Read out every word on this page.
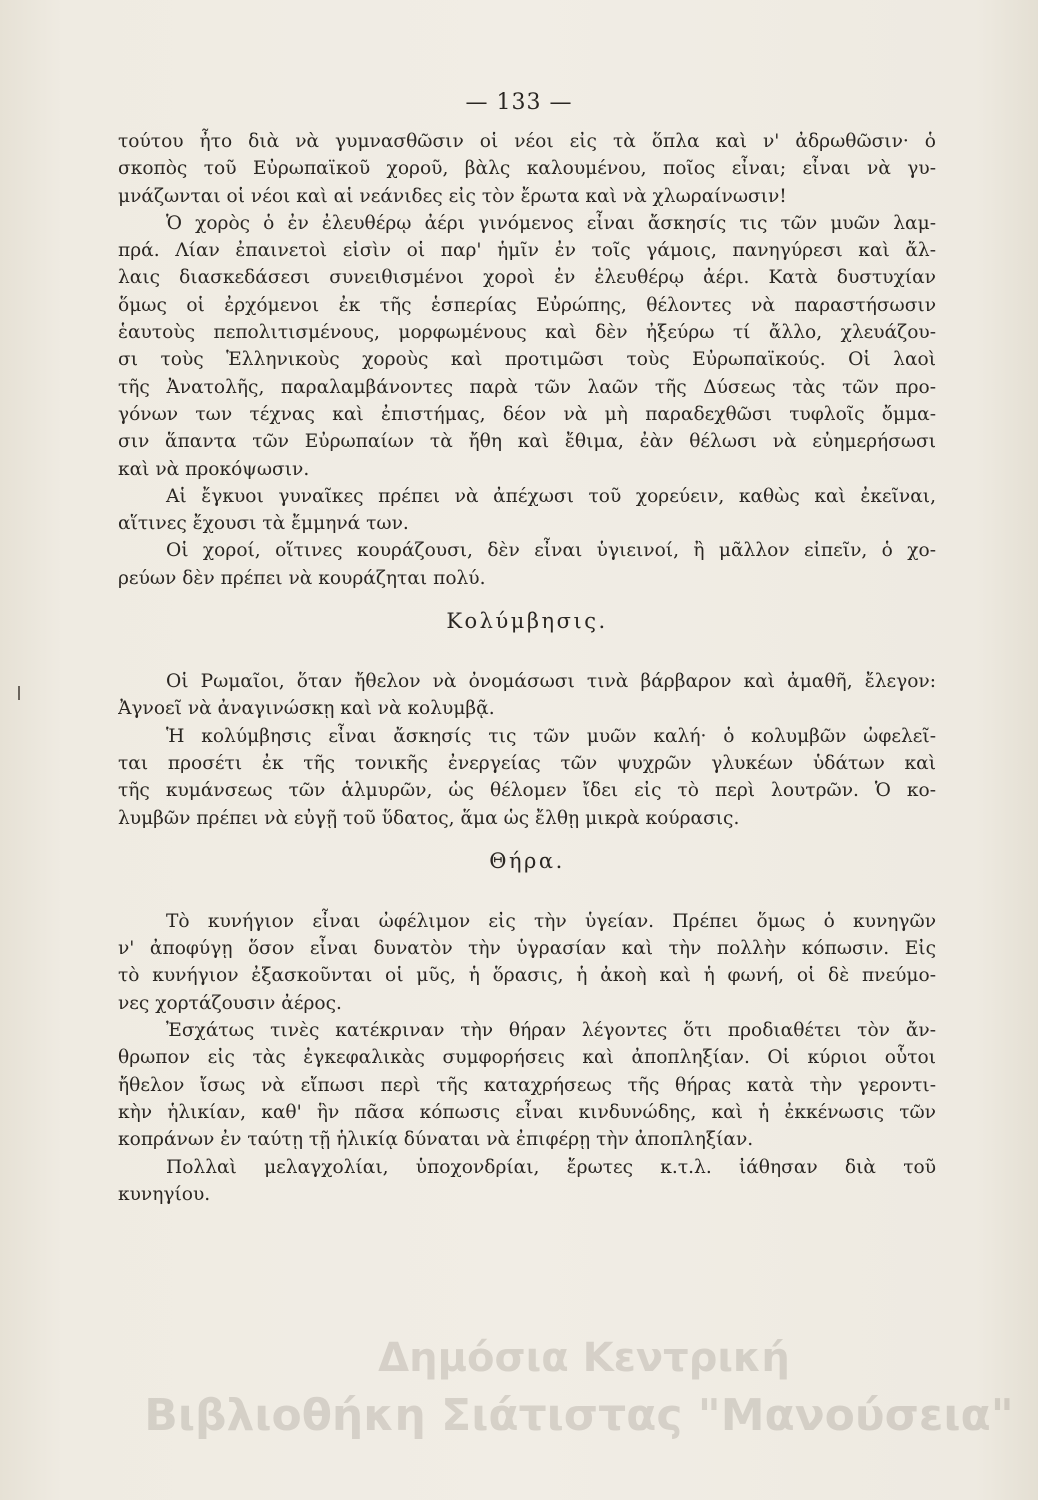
— 133 —
τούτου ἦτο διὰ νὰ γυμνασθῶσιν οἱ νέοι εἰς τὰ ὅπλα καὶ ν' ἀδρωθῶσιν· ὁ
σκοπὸς τοῦ Εὐρωπαϊκοῦ χοροῦ, βὰλς καλουμένου, ποῖος εἶναι; εἶναι νὰ γυ-
μνάζωνται οἱ νέοι καὶ αἱ νεάνιδες εἰς τὸν ἔρωτα καὶ νὰ χλωραίνωσιν!
Ὁ χορὸς ὁ ἐν ἐλευθέρῳ ἀέρι γινόμενος εἶναι ἄσκησίς τις τῶν μυῶν λαμ-
πρά. Λίαν ἐπαινετοὶ εἰσὶν οἱ παρ' ἡμῖν ἐν τοῖς γάμοις, πανηγύρεσι καὶ ἄλ-
λαις διασκεδάσεσι συνειθισμένοι χοροὶ ἐν ἐλευθέρῳ ἀέρι. Κατὰ δυστυχίαν
ὅμως οἱ ἐρχόμενοι ἐκ τῆς ἑσπερίας Εὐρώπης, θέλοντες νὰ παραστήσωσιν
ἑαυτοὺς πεπολιτισμένους, μορφωμένους καὶ δὲν ἠξεύρω τί ἄλλο, χλευάζου-
σι τοὺς Ἑλληνικοὺς χοροὺς καὶ προτιμῶσι τοὺς Εὐρωπαϊκούς. Οἱ λαοὶ
τῆς Ἀνατολῆς, παραλαμβάνοντες παρὰ τῶν λαῶν τῆς Δύσεως τὰς τῶν προ-
γόνων των τέχνας καὶ ἐπιστήμας, δέον νὰ μὴ παραδεχθῶσι τυφλοῖς ὄμμα-
σιν ἅπαντα τῶν Εὐρωπαίων τὰ ἤθη καὶ ἔθιμα, ἐὰν θέλωσι νὰ εὐημερήσωσι
καὶ νὰ προκόψωσιν.
Αἱ ἔγκυοι γυναῖκες πρέπει νὰ ἀπέχωσι τοῦ χορεύειν, καθὼς καὶ ἐκεῖναι,
αἵτινες ἔχουσι τὰ ἔμμηνά των.
Οἱ χοροί, οἵτινες κουράζουσι, δὲν εἶναι ὑγιεινοί, ἢ μᾶλλον εἰπεῖν, ὁ χο-
ρεύων δὲν πρέπει νὰ κουράζηται πολύ.
Κολύμβησις.
Οἱ Ρωμαῖοι, ὅταν ἤθελον νὰ ὀνομάσωσι τινὰ βάρβαρον καὶ ἀμαθῆ, ἔλεγον:
Ἀγνοεῖ νὰ ἀναγινώσκῃ καὶ νὰ κολυμβᾷ.
Ἡ κολύμβησις εἶναι ἄσκησίς τις τῶν μυῶν καλή· ὁ κολυμβῶν ὠφελεῖ-
ται προσέτι ἐκ τῆς τονικῆς ἐνεργείας τῶν ψυχρῶν γλυκέων ὑδάτων καὶ
τῆς κυμάνσεως τῶν ἁλμυρῶν, ὡς θέλομεν ἴδει εἰς τὸ περὶ λουτρῶν. Ὁ κο-
λυμβῶν πρέπει νὰ εὐγῇ τοῦ ὕδατος, ἅμα ὡς ἔλθῃ μικρὰ κούρασις.
Θήρα.
Τὸ κυνήγιον εἶναι ὠφέλιμον εἰς τὴν ὑγείαν. Πρέπει ὅμως ὁ κυνηγῶν
ν' ἀποφύγῃ ὅσον εἶναι δυνατὸν τὴν ὑγρασίαν καὶ τὴν πολλὴν κόπωσιν. Εἰς
τὸ κυνήγιον ἐξασκοῦνται οἱ μῦς, ἡ ὅρασις, ἡ ἀκοὴ καὶ ἡ φωνή, οἱ δὲ πνεύμο-
νες χορτάζουσιν ἀέρος.
Ἐσχάτως τινὲς κατέκριναν τὴν θήραν λέγοντες ὅτι προδιαθέτει τὸν ἄν-
θρωπον εἰς τὰς ἐγκεφαλικὰς συμφορήσεις καὶ ἀποπληξίαν. Οἱ κύριοι οὗτοι
ἤθελον ἴσως νὰ εἴπωσι περὶ τῆς καταχρήσεως τῆς θήρας κατὰ τὴν γεροντι-
κὴν ἡλικίαν, καθ' ἣν πᾶσα κόπωσις εἶναι κινδυνώδης, καὶ ἡ ἐκκένωσις τῶν
κοπράνων ἐν ταύτῃ τῇ ἡλικίᾳ δύναται νὰ ἐπιφέρῃ τὴν ἀποπληξίαν.
Πολλαὶ μελαγχολίαι, ὑποχονδρίαι, ἔρωτες κ.τ.λ. ἰάθησαν διὰ τοῦ
κυνηγίου.
Δημόσια Κεντρική
Βιβλιοθήκη Σιάτιστας "Μανούσεια"
